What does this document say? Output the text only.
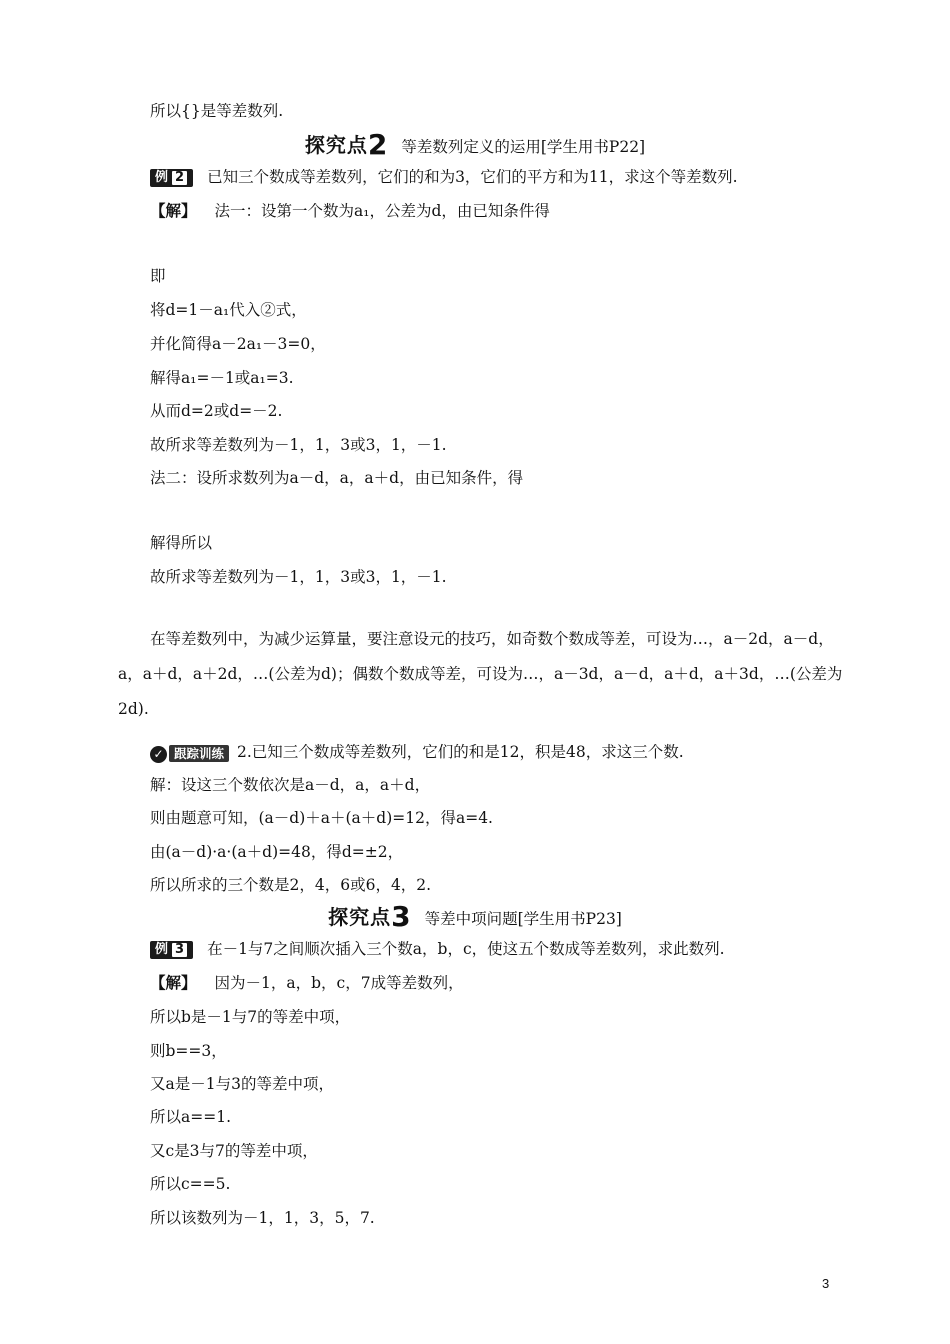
所以{}是等差数列.
探究点2 等差数列定义的运用[学生用书P22]
例 2 已知三个数成等差数列，它们的和为3，它们的平方和为11，求这个等差数列.
【解】 法一：设第一个数为a₁，公差为d，由已知条件得
即
将d=1－a₁代入②式，
并化简得a－2a₁－3=0，
解得a₁=－1或a₁=3.
从而d=2或d=－2.
故所求等差数列为－1，1，3或3，1，－1.
法二：设所求数列为a－d，a，a＋d，由已知条件，得
解得所以
故所求等差数列为－1，1，3或3，1，－1.
在等差数列中，为减少运算量，要注意设元的技巧，如奇数个数成等差，可设为…，a－2d，a－d，a，a＋d，a＋2d，…(公差为d)；偶数个数成等差，可设为…，a－3d，a－d，a＋d，a＋3d，…(公差为2d).
✓ 跟踪训练 2.已知三个数成等差数列，它们的和是12，积是48，求这三个数.
解：设这三个数依次是a－d，a，a＋d，
则由题意可知，(a－d)＋a＋(a＋d)=12，得a=4.
由(a－d)·a·(a＋d)=48，得d=±2，
所以所求的三个数是2，4，6或6，4，2.
探究点3 等差中项问题[学生用书P23]
例 3 在－1与7之间顺次插入三个数a，b，c，使这五个数成等差数列，求此数列.
【解】 因为－1，a，b，c，7成等差数列，
所以b是－1与7的等差中项，
则b==3，
又a是－1与3的等差中项，
所以a==1.
又c是3与7的等差中项，
所以c==5.
所以该数列为－1，1，3，5，7.
3
